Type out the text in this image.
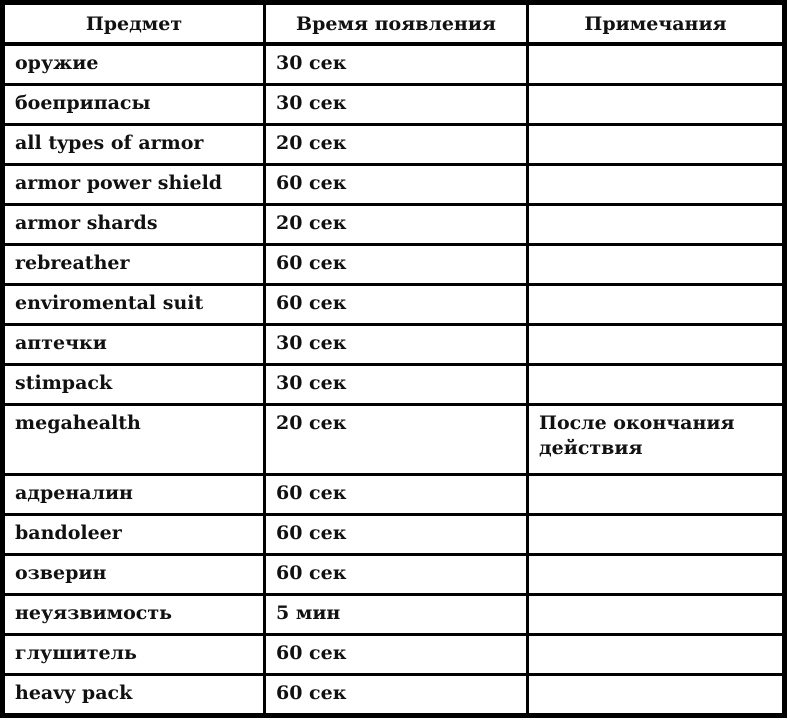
Предмет	Время появления	Примечания
оружие	30 сек	
боеприпасы	30 сек	
all types of armor	20 сек	
armor power shield	60 сек	
armor shards	20 сек	
rebreather	60 сек	
enviromental suit	60 сек	
аптечки	30 сек	
stimpack	30 сек	
megahealth	20 сек	После окончания действия
адреналин	60 сек	
bandoleer	60 сек	
озверин	60 сек	
неуязвимость	5 мин	
глушитель	60 сек	
heavy pack	60 сек	
